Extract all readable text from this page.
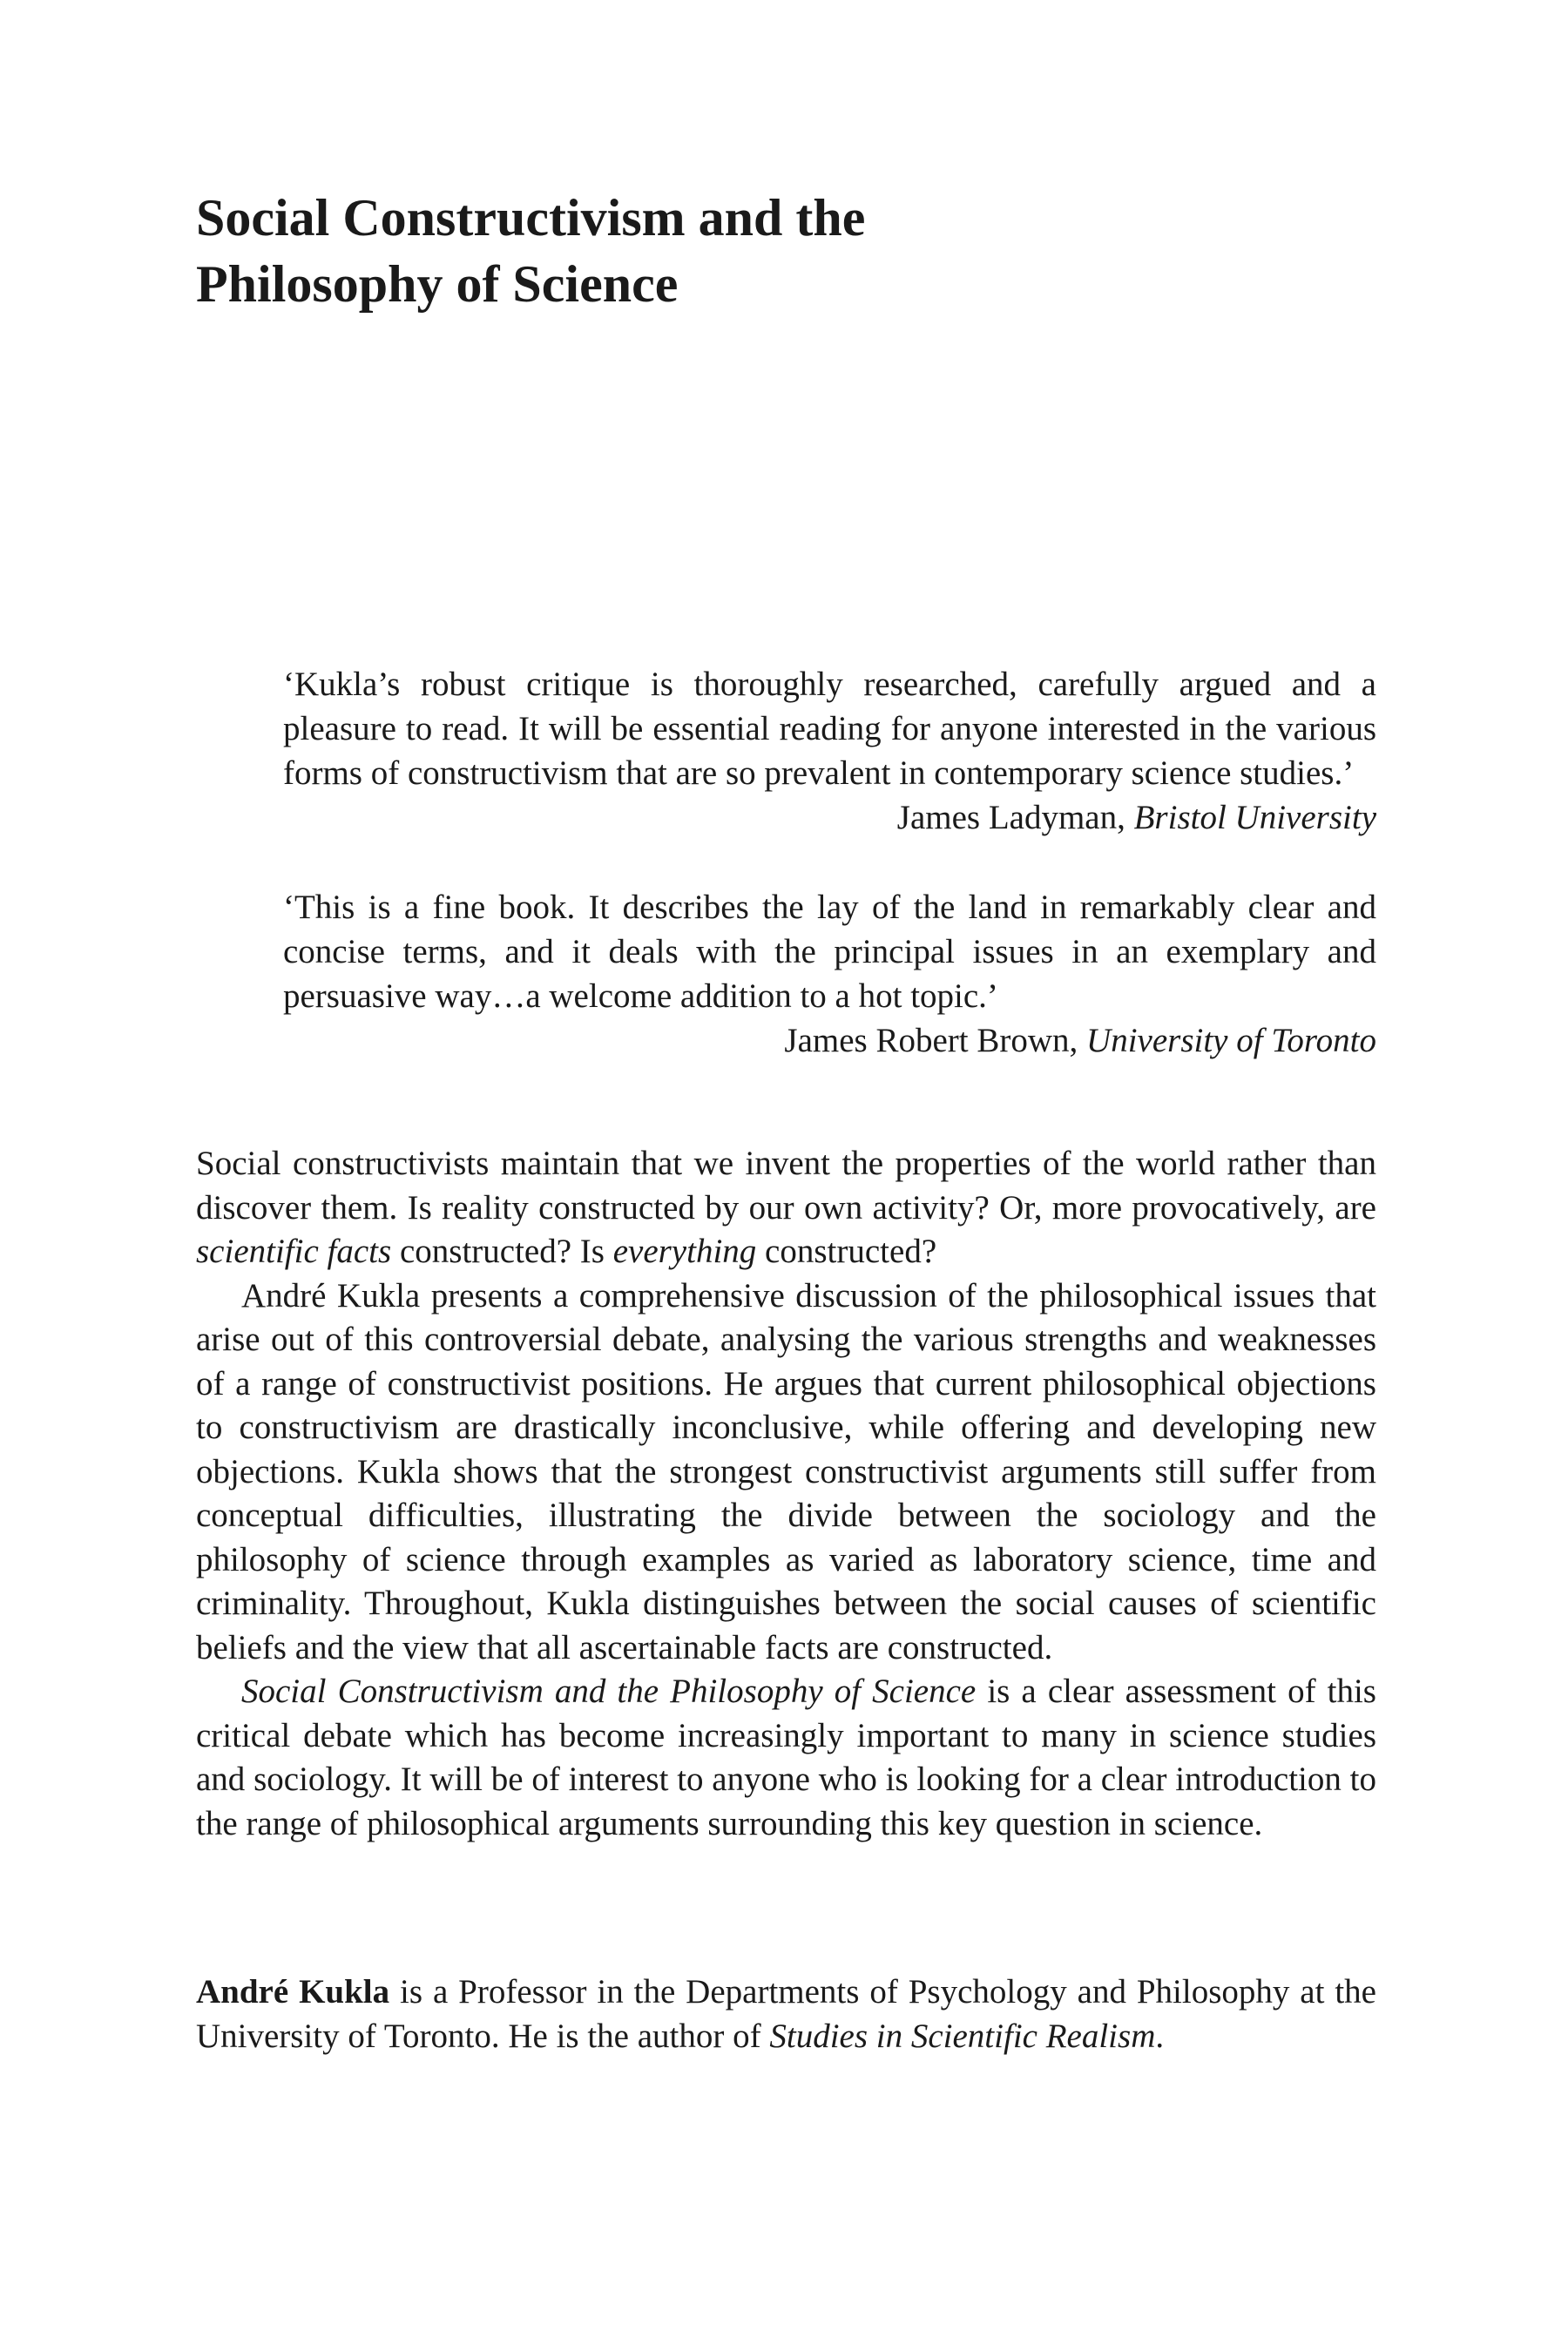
Social Constructivism and the
Philosophy of Science

‘Kukla’s robust critique is thoroughly researched, carefully argued and a pleasure to read. It will be essential reading for anyone interested in the various forms of constructivism that are so prevalent in contemporary science studies.’

James Ladyman, Bristol University

‘This is a fine book. It describes the lay of the land in remarkably clear and concise terms, and it deals with the principal issues in an exemplary and persuasive way…a welcome addition to a hot topic.’

James Robert Brown, University of Toronto

Social constructivists maintain that we invent the properties of the world rather than discover them. Is reality constructed by our own activity? Or, more provocatively, are scientific facts constructed? Is everything constructed?

André Kukla presents a comprehensive discussion of the philosophical issues that arise out of this controversial debate, analysing the various strengths and weaknesses of a range of constructivist positions. He argues that current philosophical objections to constructivism are drastically inconclusive, while offering and developing new objections. Kukla shows that the strongest constructivist arguments still suffer from conceptual difficulties, illustrating the divide between the sociology and the philosophy of science through examples as varied as laboratory science, time and criminality. Throughout, Kukla distinguishes between the social causes of scientific beliefs and the view that all ascertainable facts are constructed.

Social Constructivism and the Philosophy of Science is a clear assessment of this critical debate which has become increasingly important to many in science studies and sociology. It will be of interest to anyone who is looking for a clear introduction to the range of philosophical arguments surrounding this key question in science.

André Kukla is a Professor in the Departments of Psychology and Philosophy at the University of Toronto. He is the author of Studies in Scientific Realism.
